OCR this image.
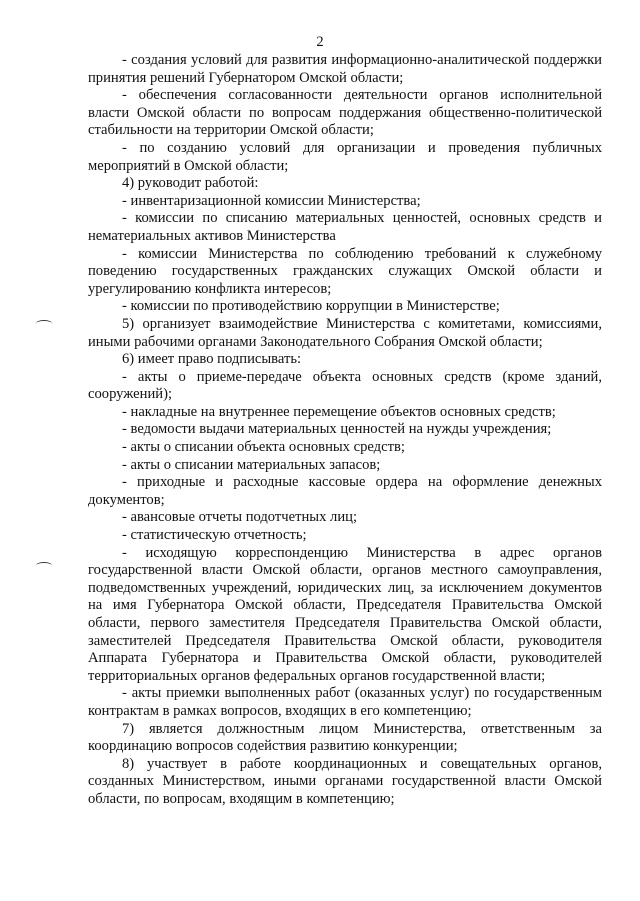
2

- создания условий для развития информационно-аналитической поддержки принятия решений Губернатором Омской области;

- обеспечения согласованности деятельности органов исполнительной власти Омской области по вопросам поддержания общественно-политической стабильности на территории Омской области;

- по созданию условий для организации и проведения публичных мероприятий в Омской области;

4) руководит работой:

- инвентаризационной комиссии Министерства;

- комиссии по списанию материальных ценностей, основных средств и нематериальных активов Министерства

- комиссии Министерства по соблюдению требований к служебному поведению государственных гражданских служащих Омской области и урегулированию конфликта интересов;

- комиссии по противодействию коррупции в Министерстве;

5) организует взаимодействие Министерства с комитетами, комиссиями, иными рабочими органами Законодательного Собрания Омской области;

6) имеет право подписывать:

- акты о приеме-передаче объекта основных средств (кроме зданий, сооружений);

- накладные на внутреннее перемещение объектов основных средств;

- ведомости выдачи материальных ценностей на нужды учреждения;

- акты о списании объекта основных средств;

- акты о списании материальных запасов;

- приходные и расходные кассовые ордера на оформление денежных документов;

- авансовые отчеты подотчетных лиц;

- статистическую отчетность;

- исходящую корреспонденцию Министерства в адрес органов государственной власти Омской области, органов местного самоуправления, подведомственных учреждений, юридических лиц, за исключением документов на имя Губернатора Омской области, Председателя Правительства Омской области, первого заместителя Председателя Правительства Омской области, заместителей Председателя Правительства Омской области, руководителя Аппарата Губернатора и Правительства Омской области, руководителей территориальных органов федеральных органов государственной власти;

- акты приемки выполненных работ (оказанных услуг) по государственным контрактам в рамках вопросов, входящих в его компетенцию;

7) является должностным лицом Министерства, ответственным за координацию вопросов содействия развитию конкуренции;

8) участвует в работе координационных и совещательных органов, созданных Министерством, иными органами государственной власти Омской области, по вопросам, входящим в компетенцию;
